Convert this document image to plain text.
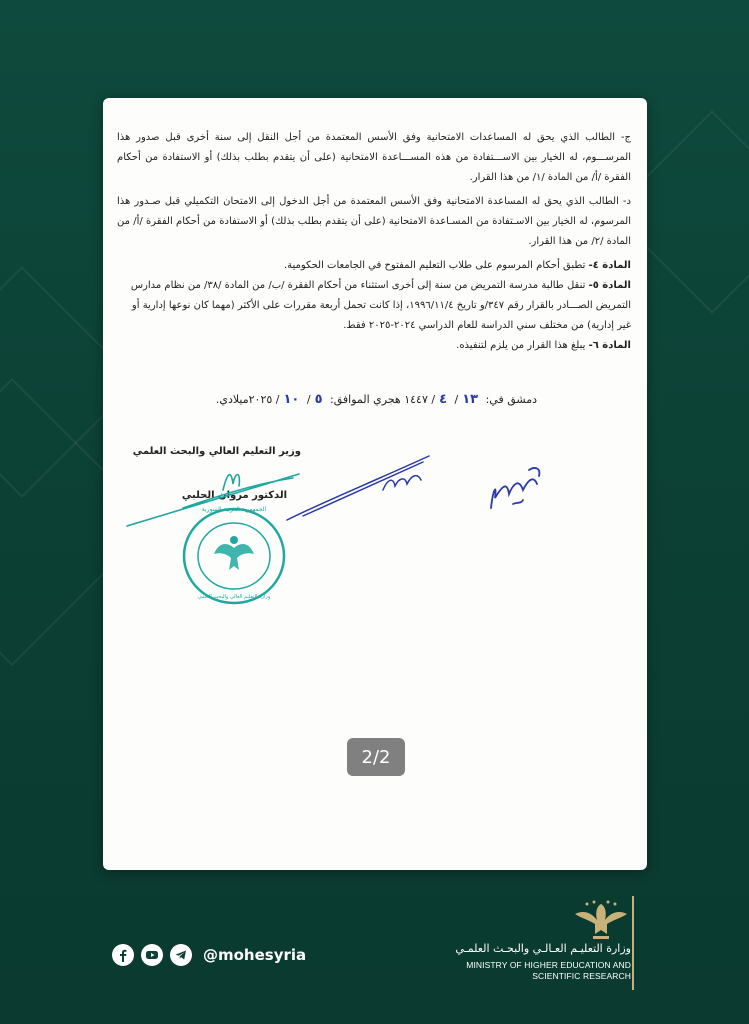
ج- الطالب الذي يحق له المساعدات الامتحانية وفق الأسس المعتمدة من أجل النقل إلى سنة أخرى قبل صدور هذا المرســـوم، له الخيار بين الاســـتفادة من هذه المســـاعدة الامتحانية (على أن يتقدم بطلب بذلك) أو الاستفادة من أحكام الفقرة /أ/ من المادة /١/ من هذا القرار.

د- الطالب الذي يحق له المساعدة الامتحانية وفق الأسس المعتمدة من أجل الدخول إلى الامتحان التكميلي قبل صـدور هذا المرسوم، له الخيار بين الاسـتفادة من المسـاعدة الامتحانية (على أن يتقدم بطلب بذلك) أو الاستفادة من أحكام الفقرة /أ/ من المادة /٢/ من هذا القرار.

المادة ٤- تطبق أحكام المرسوم على طلاب التعليم المفتوح في الجامعات الحكومية.

المادة ٥- تنقل طالبة مدرسة التمريض من سنة إلى أخرى استثناء من أحكام الفقرة /ب/ من المادة /٣٨/ من نظام مدارس التمريض الصـــادر بالقرار رقم ٣٤٧/و تاريخ ١٩٩٦/١١/٤، إذا كانت تحمل أربعة مقررات على الأكثر (مهما كان نوعها إدارية أو غير إدارية) من مختلف سني الدراسة للعام الدراسي ٢٠٢٤-٢٠٢٥ فقط.

المادة ٦- يبلغ هذا القرار من يلزم لتنفيذه.

دمشق في: ١٣/ ٤/ ١٤٤٧ هجري الموافق: ٥/ ١٠/ ٢٠٢٥ميلادي.
وزير التعليم العالي والبحث العلمي
الدكتور مروان الحلبي
الجمهورية العربية السورية
وزارة التعليم العالي والبحث العلمي
2/2
@mohesyria	وزارة التعليـم العـالـي والبحـث العلمـي
MINISTRY OF HIGHER EDUCATION AND
SCIENTIFIC RESEARCH
